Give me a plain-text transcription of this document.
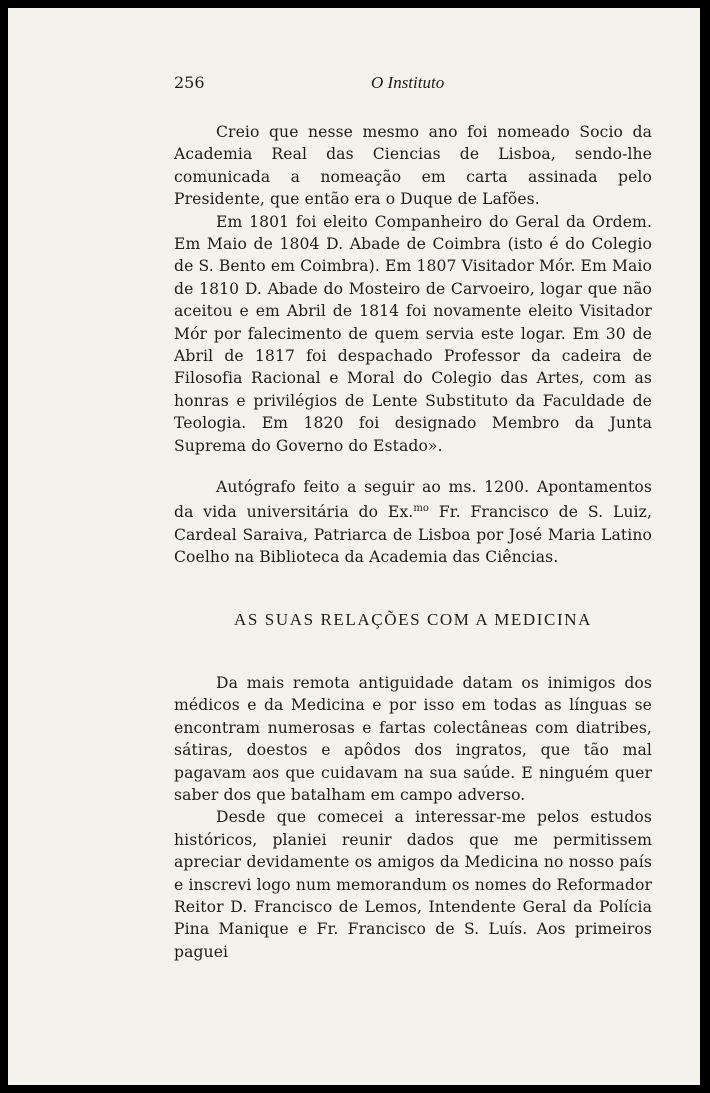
256	O Instituto

Creio que nesse mesmo ano foi nomeado Socio da Academia Real das Ciencias de Lisboa, sendo-lhe comunicada a nomeação em carta assinada pelo Presidente, que então era o Duque de Lafões.

Em 1801 foi eleito Companheiro do Geral da Ordem. Em Maio de 1804 D. Abade de Coimbra (isto é do Colegio de S. Bento em Coimbra). Em 1807 Visitador Mór. Em Maio de 1810 D. Abade do Mosteiro de Carvoeiro, logar que não aceitou e em Abril de 1814 foi novamente eleito Visitador Mór por falecimento de quem servia este logar. Em 30 de Abril de 1817 foi despachado Professor da cadeira de Filosofia Racional e Moral do Colegio das Artes, com as honras e privilégios de Lente Substituto da Faculdade de Teologia. Em 1820 foi designado Membro da Junta Suprema do Governo do Estado».

Autógrafo feito a seguir ao ms. 1200. Apontamentos da vida universitária do Ex.$^{mo}$ Fr. Francisco de S. Luiz, Cardeal Saraiva, Patriarca de Lisboa por José Maria Latino Coelho na Biblioteca da Academia das Ciências.

AS SUAS RELAÇÕES COM A MEDICINA

Da mais remota antiguidade datam os inimigos dos médicos e da Medicina e por isso em todas as línguas se encontram numerosas e fartas colectâneas com diatribes, sátiras, doestos e apôdos dos ingratos, que tão mal pagavam aos que cuidavam na sua saúde. E ninguém quer saber dos que batalham em campo adverso.

Desde que comecei a interessar-me pelos estudos históricos, planiei reunir dados que me permitissem apreciar devidamente os amigos da Medicina no nosso país e inscrevi logo num memorandum os nomes do Reformador Reitor D. Francisco de Lemos, Intendente Geral da Polícia Pina Manique e Fr. Francisco de S. Luís. Aos primeiros paguei
